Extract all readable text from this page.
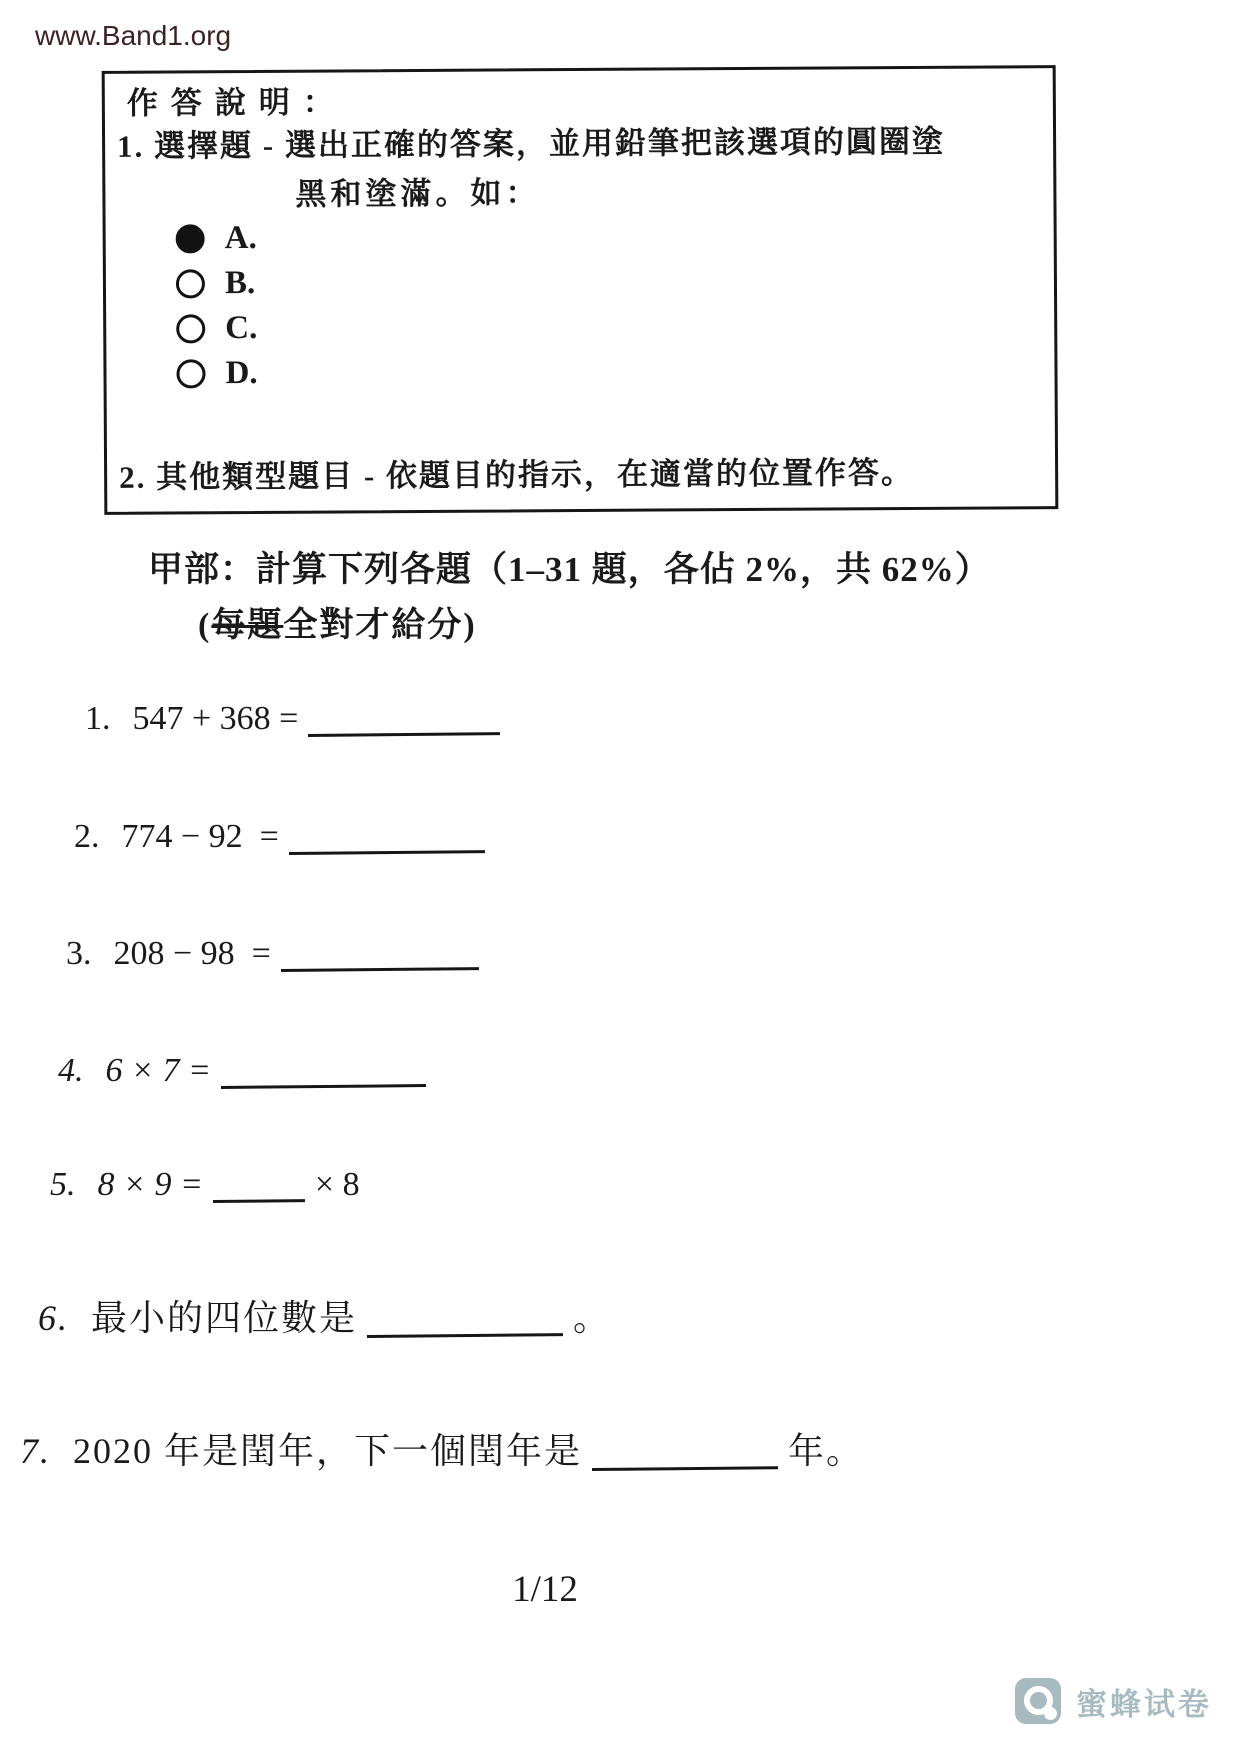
www.Band1.org
作答說明：
1. 選擇題 - 選出正確的答案，並用鉛筆把該選項的圓圈塗
黑和塗滿。如：
A.
B.
C.
D.
2. 其他類型題目 - 依題目的指示，在適當的位置作答。
甲部：計算下列各題（1–31 題，各佔 2%，共 62%）
(每題全對才給分)
1. 547 + 368 =
2. 774 − 92  =
3. 208 − 98  =
4. 6 × 7 =
5. 8 × 9 =	× 8
6. 最小的四位數是	。
7. 2020 年是閏年，下一個閏年是	年。
1/12
蜜蜂试卷
